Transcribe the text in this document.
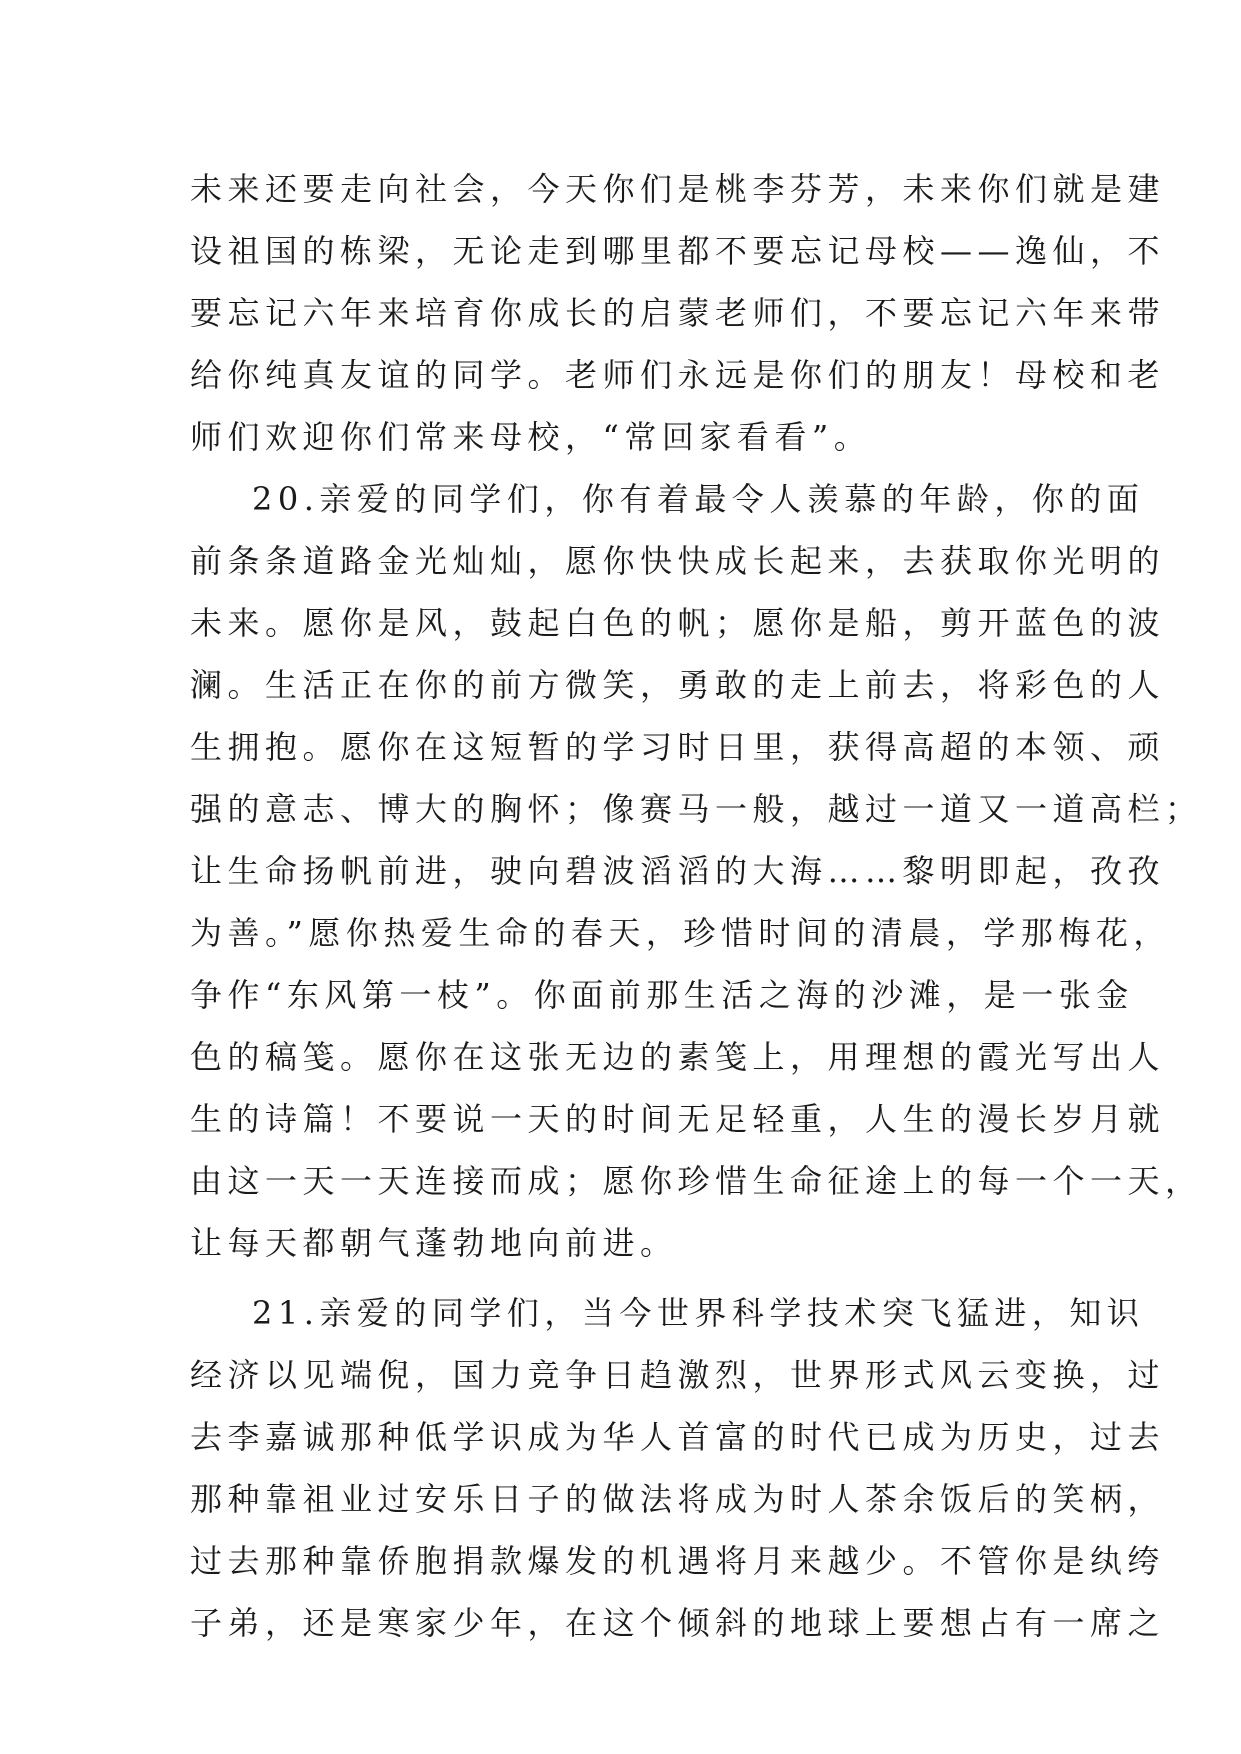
未来还要走向社会，今天你们是桃李芬芳，未来你们就是建
设祖国的栋梁，无论走到哪里都不要忘记母校——逸仙，不
要忘记六年来培育你成长的启蒙老师们，不要忘记六年来带
给你纯真友谊的同学。老师们永远是你们的朋友！母校和老
师们欢迎你们常来母校，“常回家看看”。
20.亲爱的同学们，你有着最令人羡慕的年龄，你的面
前条条道路金光灿灿，愿你快快成长起来，去获取你光明的
未来。愿你是风，鼓起白色的帆；愿你是船，剪开蓝色的波
澜。生活正在你的前方微笑，勇敢的走上前去，将彩色的人
生拥抱。愿你在这短暂的学习时日里，获得高超的本领、顽
强的意志、博大的胸怀；像赛马一般，越过一道又一道高栏；
让生命扬帆前进，驶向碧波滔滔的大海……黎明即起，孜孜
为善。”愿你热爱生命的春天，珍惜时间的清晨，学那梅花，
争作“东风第一枝”。你面前那生活之海的沙滩，是一张金
色的稿笺。愿你在这张无边的素笺上，用理想的霞光写出人
生的诗篇！不要说一天的时间无足轻重，人生的漫长岁月就
由这一天一天连接而成；愿你珍惜生命征途上的每一个一天，
让每天都朝气蓬勃地向前进。
21.亲爱的同学们，当今世界科学技术突飞猛进，知识
经济以见端倪，国力竞争日趋激烈，世界形式风云变换，过
去李嘉诚那种低学识成为华人首富的时代已成为历史，过去
那种靠祖业过安乐日子的做法将成为时人茶余饭后的笑柄，
过去那种靠侨胞捐款爆发的机遇将月来越少。不管你是纨绔
子弟，还是寒家少年，在这个倾斜的地球上要想占有一席之
